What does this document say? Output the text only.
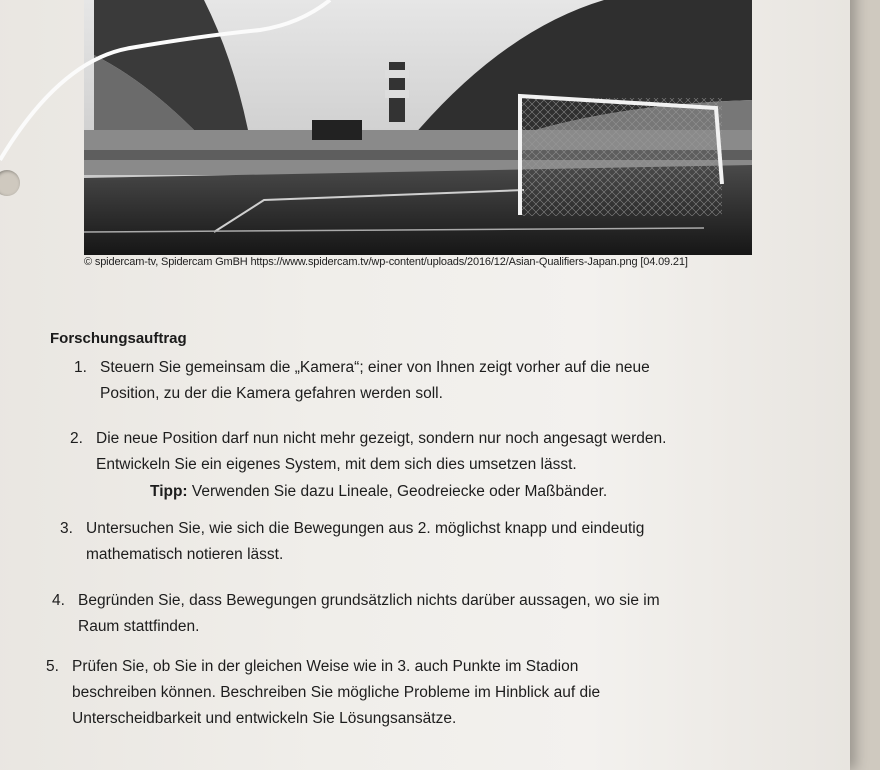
© spidercam-tv, Spidercam GmBH https://www.spidercam.tv/wp-content/uploads/2016/12/Asian-Qualifiers-Japan.png [04.09.21]
Forschungsauftrag
1. Steuern Sie gemeinsam die „Kamera“; einer von Ihnen zeigt vorher auf die neue
Position, zu der die Kamera gefahren werden soll.
2. Die neue Position darf nun nicht mehr gezeigt, sondern nur noch angesagt werden.
Entwickeln Sie ein eigenes System, mit dem sich dies umsetzen lässt.
Tipp: Verwenden Sie dazu Lineale, Geodreiecke oder Maßbänder.
3. Untersuchen Sie, wie sich die Bewegungen aus 2. möglichst knapp und eindeutig
mathematisch notieren lässt.
4. Begründen Sie, dass Bewegungen grundsätzlich nichts darüber aussagen, wo sie im
Raum stattfinden.
5. Prüfen Sie, ob Sie in der gleichen Weise wie in 3. auch Punkte im Stadion
beschreiben können. Beschreiben Sie mögliche Probleme im Hinblick auf die
Unterscheidbarkeit und entwickeln Sie Lösungsansätze.
